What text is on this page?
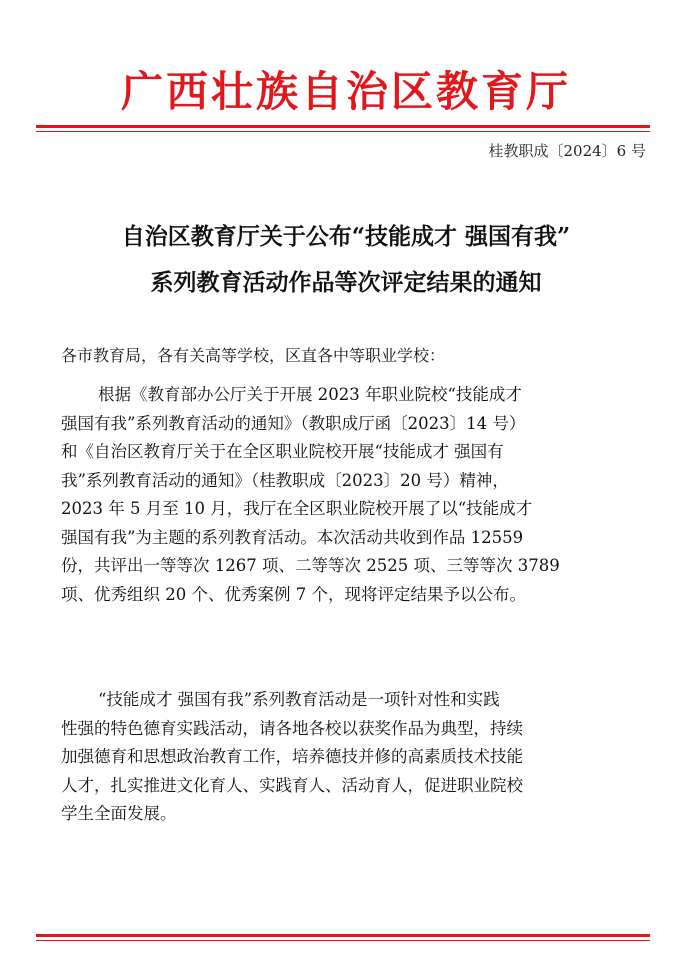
广西壮族自治区教育厅
桂教职成〔2024〕6 号
自治区教育厅关于公布“技能成才 强国有我”
系列教育活动作品等次评定结果的通知
各市教育局，各有关高等学校，区直各中等职业学校：
根据《教育部办公厅关于开展 2023 年职业院校“技能成才
强国有我”系列教育活动的通知》（教职成厅函〔2023〕14 号）
和《自治区教育厅关于在全区职业院校开展“技能成才 强国有
我”系列教育活动的通知》（桂教职成〔2023〕20 号）精神，
2023 年 5 月至 10 月，我厅在全区职业院校开展了以“技能成才
强国有我”为主题的系列教育活动。本次活动共收到作品 12559
份，共评出一等等次 1267 项、二等等次 2525 项、三等等次 3789
项、优秀组织 20 个、优秀案例 7 个，现将评定结果予以公布。
“技能成才 强国有我”系列教育活动是一项针对性和实践
性强的特色德育实践活动，请各地各校以获奖作品为典型，持续
加强德育和思想政治教育工作，培养德技并修的高素质技术技能
人才，扎实推进文化育人、实践育人、活动育人，促进职业院校
学生全面发展。
